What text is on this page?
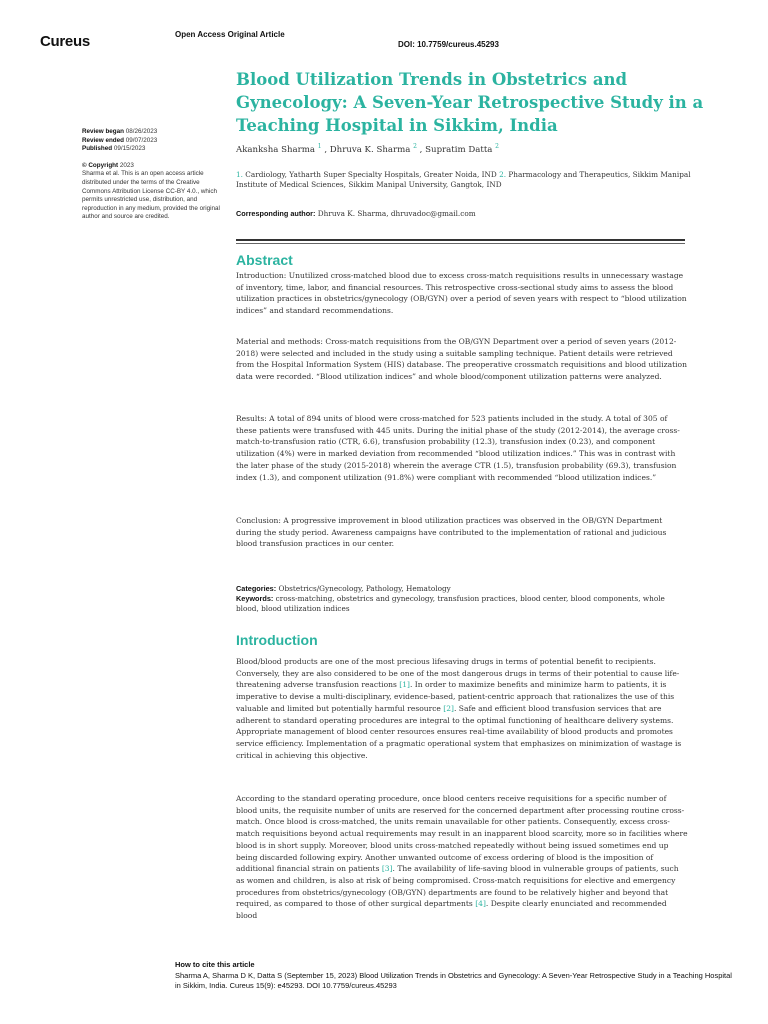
Cureus	Open Access Original Article
DOI: 10.7759/cureus.45293
Blood Utilization Trends in Obstetrics and Gynecology: A Seven-Year Retrospective Study in a Teaching Hospital in Sikkim, India
Akanksha Sharma $^1$ , Dhruva K. Sharma $^2$ , Supratim Datta $^2$
Review began 08/26/2023
Review ended 09/07/2023
Published 09/15/2023
© Copyright 2023
Sharma et al. This is an open access article distributed under the terms of the Creative Commons Attribution License CC-BY 4.0., which permits unrestricted use, distribution, and reproduction in any medium, provided the original author and source are credited.
1. Cardiology, Yatharth Super Specialty Hospitals, Greater Noida, IND 2. Pharmacology and Therapeutics, Sikkim Manipal Institute of Medical Sciences, Sikkim Manipal University, Gangtok, IND
Corresponding author: Dhruva K. Sharma, dhruvadoc@gmail.com
Abstract

Introduction: Unutilized cross-matched blood due to excess cross-match requisitions results in unnecessary wastage of inventory, time, labor, and financial resources. This retrospective cross-sectional study aims to assess the blood utilization practices in obstetrics/gynecology (OB/GYN) over a period of seven years with respect to “blood utilization indices” and standard recommendations.

Material and methods: Cross-match requisitions from the OB/GYN Department over a period of seven years (2012-2018) were selected and included in the study using a suitable sampling technique. Patient details were retrieved from the Hospital Information System (HIS) database. The preoperative crossmatch requisitions and blood utilization data were recorded. “Blood utilization indices” and whole blood/component utilization patterns were analyzed.

Results: A total of 894 units of blood were cross-matched for 523 patients included in the study. A total of 305 of these patients were transfused with 445 units. During the initial phase of the study (2012-2014), the average cross-match-to-transfusion ratio (CTR, 6.6), transfusion probability (12.3), transfusion index (0.23), and component utilization (4%) were in marked deviation from recommended “blood utilization indices.” This was in contrast with the later phase of the study (2015-2018) wherein the average CTR (1.5), transfusion probability (69.3), transfusion index (1.3), and component utilization (91.8%) were compliant with recommended “blood utilization indices.”

Conclusion: A progressive improvement in blood utilization practices was observed in the OB/GYN Department during the study period. Awareness campaigns have contributed to the implementation of rational and judicious blood transfusion practices in our center.

Categories: Obstetrics/Gynecology, Pathology, Hematology
Keywords: cross-matching, obstetrics and gynecology, transfusion practices, blood center, blood components, whole blood, blood utilization indices
Introduction

Blood/blood products are one of the most precious lifesaving drugs in terms of potential benefit to recipients. Conversely, they are also considered to be one of the most dangerous drugs in terms of their potential to cause life-threatening adverse transfusion reactions [1]. In order to maximize benefits and minimize harm to patients, it is imperative to devise a multi-disciplinary, evidence-based, patient-centric approach that rationalizes the use of this valuable and limited but potentially harmful resource [2]. Safe and efficient blood transfusion services that are adherent to standard operating procedures are integral to the optimal functioning of healthcare delivery systems. Appropriate management of blood center resources ensures real-time availability of blood products and promotes service efficiency. Implementation of a pragmatic operational system that emphasizes on minimization of wastage is critical in achieving this objective.

According to the standard operating procedure, once blood centers receive requisitions for a specific number of blood units, the requisite number of units are reserved for the concerned department after processing routine cross-match. Once blood is cross-matched, the units remain unavailable for other patients. Consequently, excess cross-match requisitions beyond actual requirements may result in an inapparent blood scarcity, more so in facilities where blood is in short supply. Moreover, blood units cross-matched repeatedly without being issued sometimes end up being discarded following expiry. Another unwanted outcome of excess ordering of blood is the imposition of additional financial strain on patients [3]. The availability of life-saving blood in vulnerable groups of patients, such as women and children, is also at risk of being compromised. Cross-match requisitions for elective and emergency procedures from obstetrics/gynecology (OB/GYN) departments are found to be relatively higher and beyond that required, as compared to those of other surgical departments [4]. Despite clearly enunciated and recommended blood

How to cite this article
Sharma A, Sharma D K, Datta S (September 15, 2023) Blood Utilization Trends in Obstetrics and Gynecology: A Seven-Year Retrospective Study in a Teaching Hospital in Sikkim, India. Cureus 15(9): e45293. DOI 10.7759/cureus.45293
